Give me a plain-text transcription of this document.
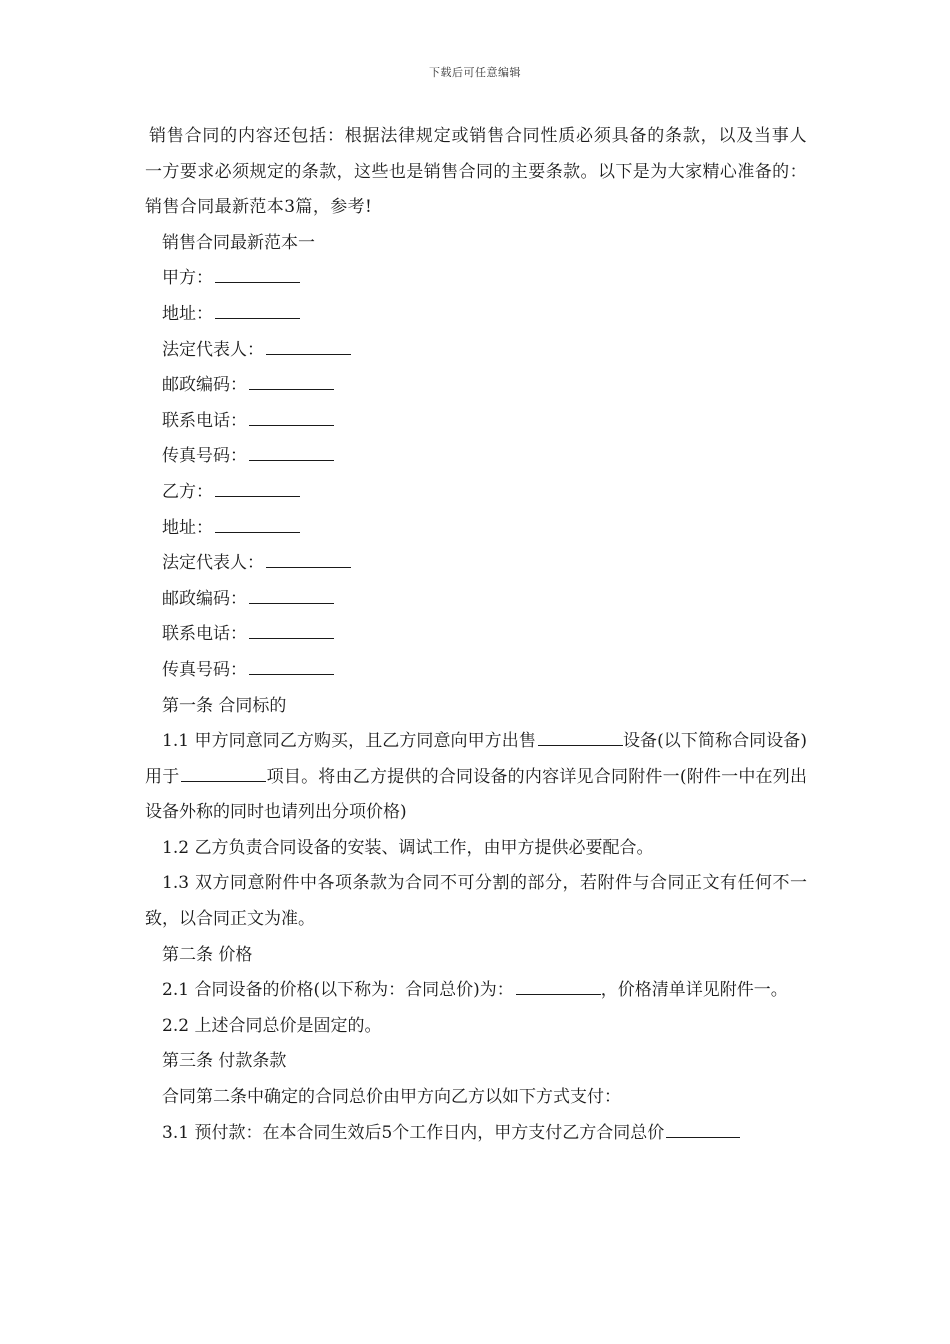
下载后可任意编辑
销售合同的内容还包括：根据法律规定或销售合同性质必须具备的条款，以及当事人一方要求必须规定的条款，这些也是销售合同的主要条款。以下是为大家精心准备的：销售合同最新范本3篇，参考!
销售合同最新范本一
甲方：
地址：
法定代表人：
邮政编码：
联系电话：
传真号码：
乙方：
地址：
法定代表人：
邮政编码：
联系电话：
传真号码：
第一条 合同标的
1.1 甲方同意同乙方购买，且乙方同意向甲方出售	设备(以下简称合同设备)用于	项目。将由乙方提供的合同设备的内容详见合同附件一(附件一中在列出设备外称的同时也请列出分项价格)
1.2 乙方负责合同设备的安装、调试工作，由甲方提供必要配合。
1.3 双方同意附件中各项条款为合同不可分割的部分，若附件与合同正文有任何不一致，以合同正文为准。
第二条 价格
2.1 合同设备的价格(以下称为：合同总价)为：	，价格清单详见附件一。
2.2 上述合同总价是固定的。
第三条 付款条款
合同第二条中确定的合同总价由甲方向乙方以如下方式支付：
3.1 预付款：在本合同生效后5个工作日内，甲方支付乙方合同总价
